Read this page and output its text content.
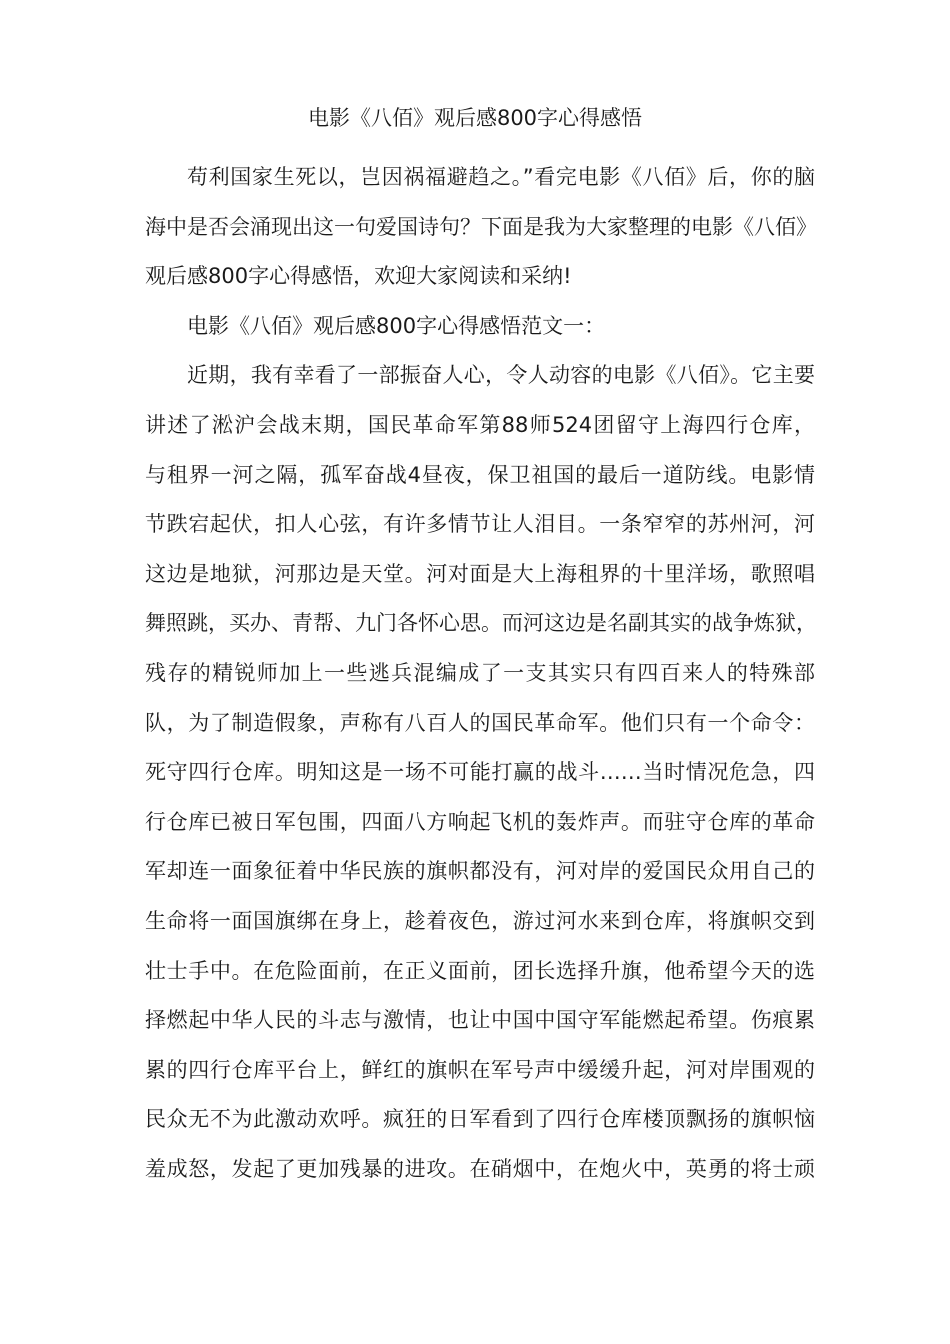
电影《八佰》观后感800字心得感悟
苟利国家生死以，岂因祸福避趋之。”看完电影《八佰》后，你的脑
海中是否会涌现出这一句爱国诗句？下面是我为大家整理的电影《八佰》
观后感800字心得感悟，欢迎大家阅读和采纳!
电影《八佰》观后感800字心得感悟范文一：
近期，我有幸看了一部振奋人心，令人动容的电影《八佰》。它主要
讲述了淞沪会战末期，国民革命军第88师524团留守上海四行仓库，
与租界一河之隔，孤军奋战4昼夜，保卫祖国的最后一道防线。电影情
节跌宕起伏，扣人心弦，有许多情节让人泪目。一条窄窄的苏州河，河
这边是地狱，河那边是天堂。河对面是大上海租界的十里洋场，歌照唱
舞照跳，买办、青帮、九门各怀心思。而河这边是名副其实的战争炼狱，
残存的精锐师加上一些逃兵混编成了一支其实只有四百来人的特殊部
队，为了制造假象，声称有八百人的国民革命军。他们只有一个命令：
死守四行仓库。明知这是一场不可能打赢的战斗……当时情况危急，四
行仓库已被日军包围，四面八方响起飞机的轰炸声。而驻守仓库的革命
军却连一面象征着中华民族的旗帜都没有，河对岸的爱国民众用自己的
生命将一面国旗绑在身上，趁着夜色，游过河水来到仓库，将旗帜交到
壮士手中。在危险面前，在正义面前，团长选择升旗，他希望今天的选
择燃起中华人民的斗志与激情，也让中国中国守军能燃起希望。伤痕累
累的四行仓库平台上，鲜红的旗帜在军号声中缓缓升起，河对岸围观的
民众无不为此激动欢呼。疯狂的日军看到了四行仓库楼顶飘扬的旗帜恼
羞成怒，发起了更加残暴的进攻。在硝烟中，在炮火中，英勇的将士顽
